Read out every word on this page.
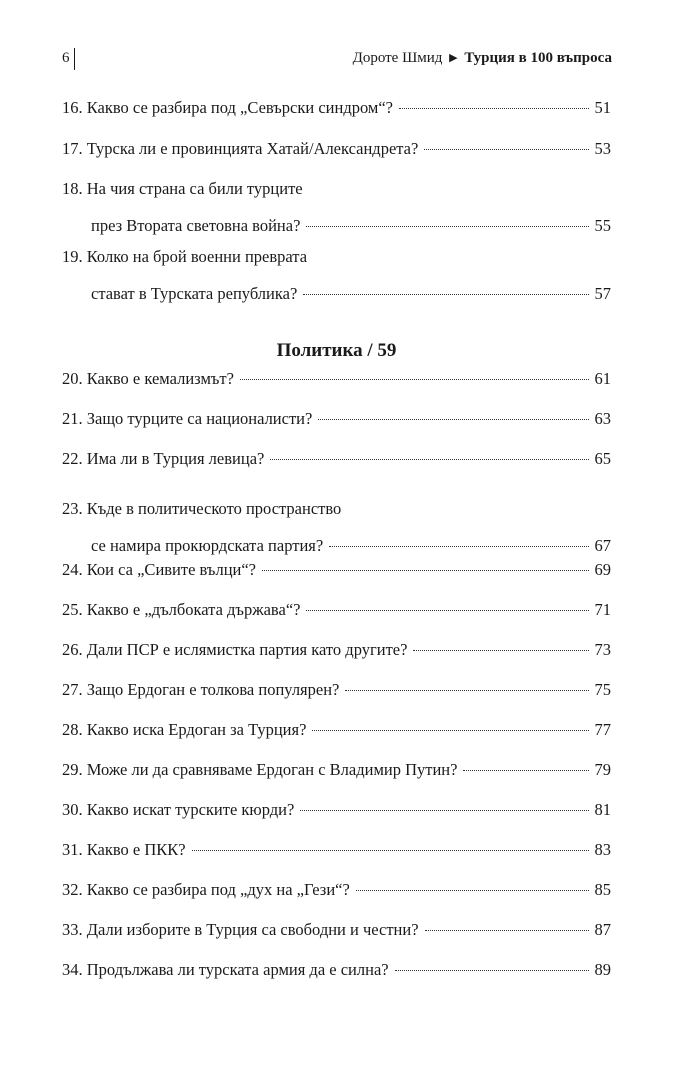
6	Дороте Шмид ▶ Турция в 100 въпроса
Политика / 59
16. Какво се разбира под „Севърски синдром“?	51
17. Турска ли е провинцията Хатай/Александрета?	53
18. На чия страна са били турците
през Втората световна война?	55
19. Колко на брой военни преврата
стават в Турската република?	57
20. Какво е кемализмът?	61
21. Защо турците са националисти?	63
22. Има ли в Турция левица?	65
23. Къде в политическото пространство
се намира прокюрдската партия?	67
24. Кои са „Сивите вълци“?	69
25. Какво е „дълбоката държава“?	71
26. Дали ПСР е ислямистка партия като другите?	73
27. Защо Ердоган е толкова популярен?	75
28. Какво иска Ердоган за Турция?	77
29. Може ли да сравняваме Ердоган с Владимир Путин?	79
30. Какво искат турските кюрди?	81
31. Какво е ПКК?	83
32. Какво се разбира под „дух на „Гези“?	85
33. Дали изборите в Турция са свободни и честни?	87
34. Продължава ли турската армия да е силна?	89
